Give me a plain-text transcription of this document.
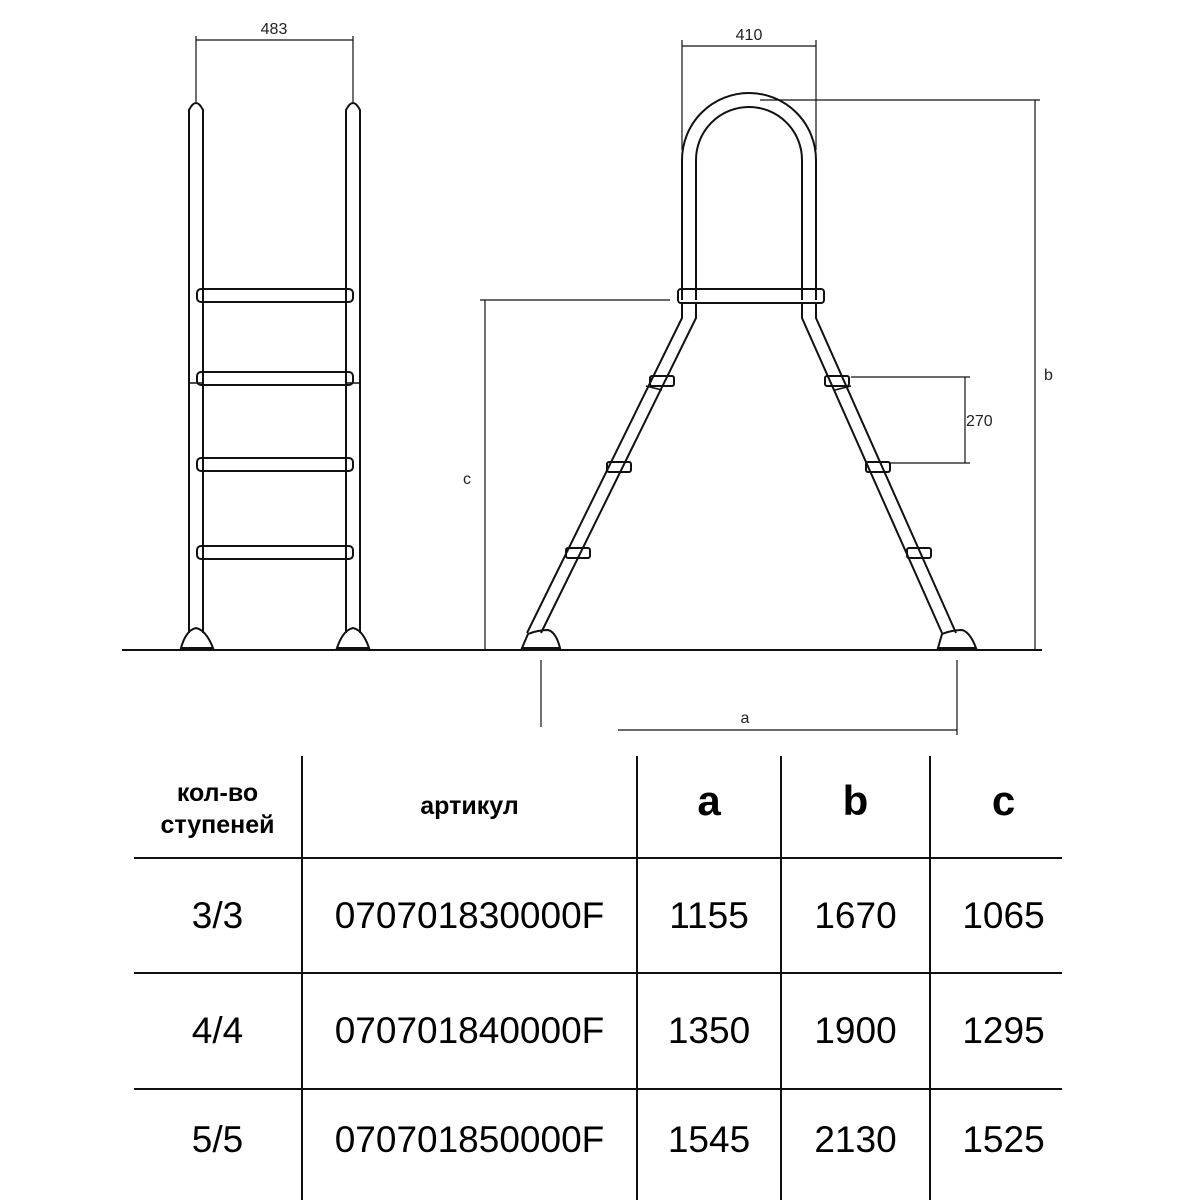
483	410
b
c
270
a
кол-во
ступеней
артикул	a	b	c
3/3	070701830000F	1155	1670	1065
4/4	070701840000F	1350	1900	1295
5/5	070701850000F	1545	2130	1525
